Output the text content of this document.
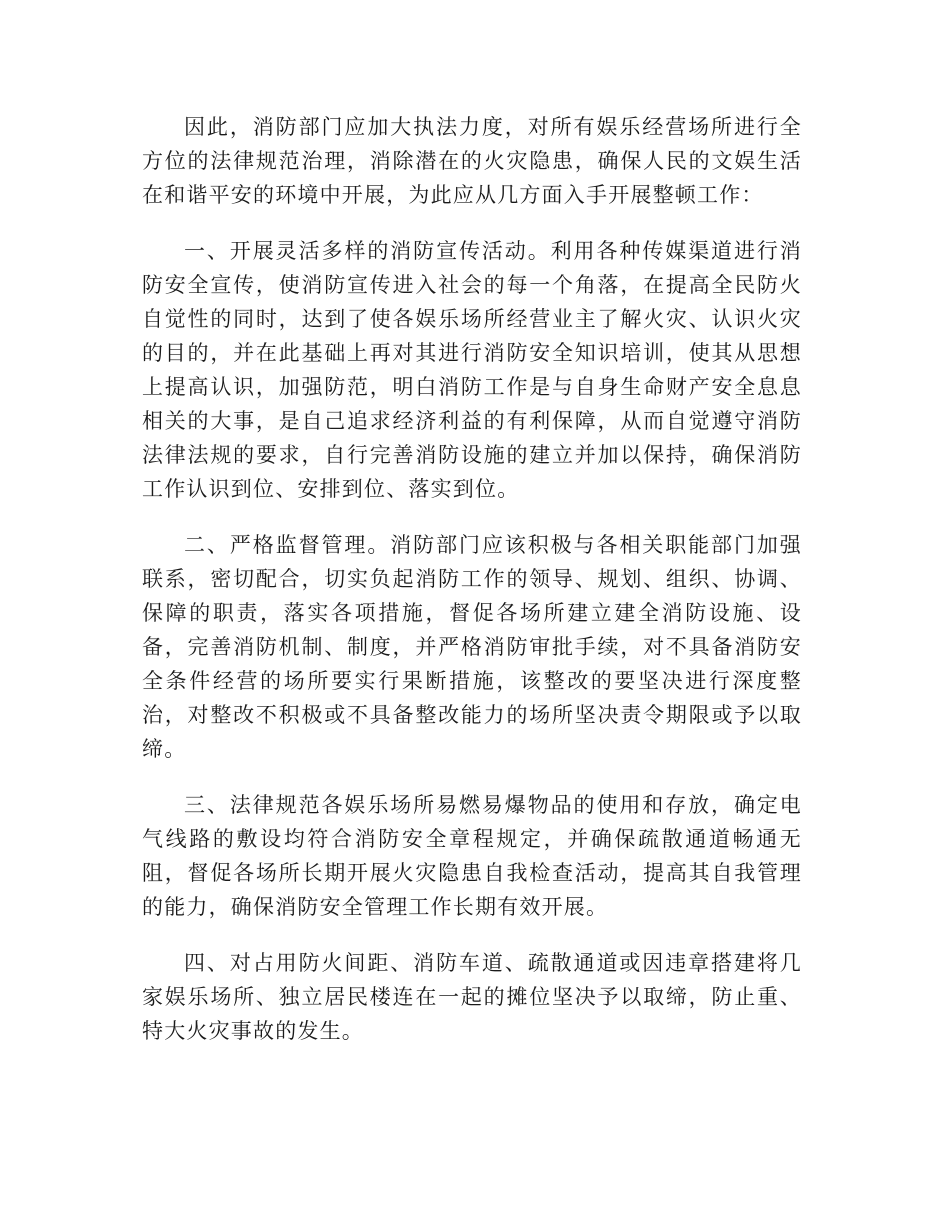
因此，消防部门应加大执法力度，对所有娱乐经营场所进行全方位的法律规范治理，消除潜在的火灾隐患，确保人民的文娱生活在和谐平安的环境中开展，为此应从几方面入手开展整顿工作：

一、开展灵活多样的消防宣传活动。利用各种传媒渠道进行消防安全宣传，使消防宣传进入社会的每一个角落，在提高全民防火自觉性的同时，达到了使各娱乐场所经营业主了解火灾、认识火灾的目的，并在此基础上再对其进行消防安全知识培训，使其从思想上提高认识，加强防范，明白消防工作是与自身生命财产安全息息相关的大事，是自己追求经济利益的有利保障，从而自觉遵守消防法律法规的要求，自行完善消防设施的建立并加以保持，确保消防工作认识到位、安排到位、落实到位。

二、严格监督管理。消防部门应该积极与各相关职能部门加强联系，密切配合，切实负起消防工作的领导、规划、组织、协调、保障的职责，落实各项措施，督促各场所建立建全消防设施、设备，完善消防机制、制度，并严格消防审批手续，对不具备消防安全条件经营的场所要实行果断措施，该整改的要坚决进行深度整治，对整改不积极或不具备整改能力的场所坚决责令期限或予以取缔。

三、法律规范各娱乐场所易燃易爆物品的使用和存放，确定电气线路的敷设均符合消防安全章程规定，并确保疏散通道畅通无阻，督促各场所长期开展火灾隐患自我检查活动，提高其自我管理的能力，确保消防安全管理工作长期有效开展。

四、对占用防火间距、消防车道、疏散通道或因违章搭建将几家娱乐场所、独立居民楼连在一起的摊位坚决予以取缔，防止重、特大火灾事故的发生。
